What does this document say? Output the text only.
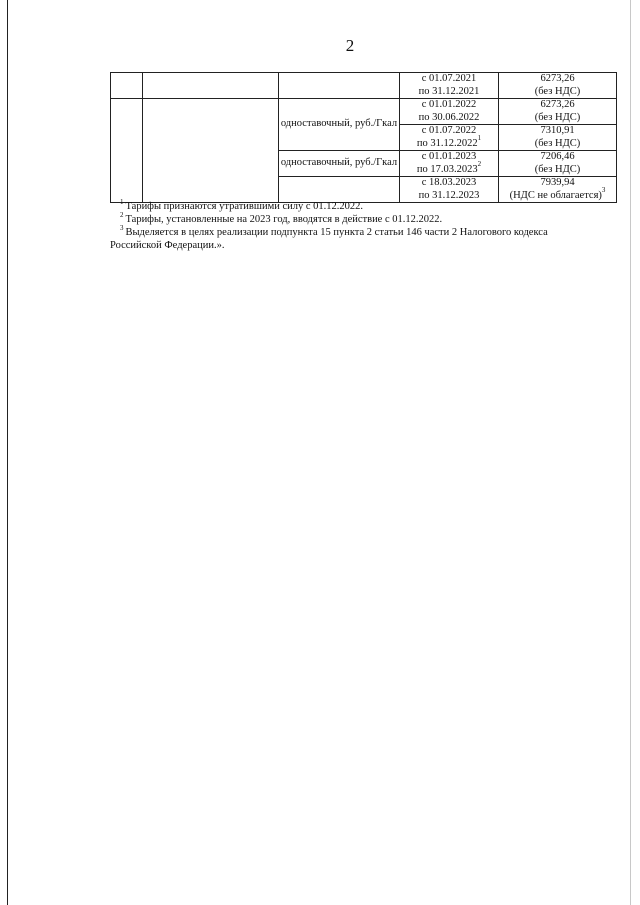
2
			с 01.07.2021
по 31.12.2021	6273,26
(без НДС)
		одноставочный, руб./Гкал	с 01.01.2022
по 30.06.2022	6273,26
(без НДС)
			с 01.07.2022
по 31.12.2022$^1$	7310,91
(без НДС)
		одноставочный, руб./Гкал	с 01.01.2023
по 17.03.2023$^2$	7206,46
(без НДС)
			с 18.03.2023
по 31.12.2023	7939,94
(НДС не облагается)$^3$

$^1$ Тарифы признаются утратившими силу с 01.12.2022.

$^2$ Тарифы, установленные на 2023 год, вводятся в действие с 01.12.2022.

$^3$ Выделяется в целях реализации подпункта 15 пункта 2 статьи 146 части 2 Налогового кодекса

Российской Федерации.».
